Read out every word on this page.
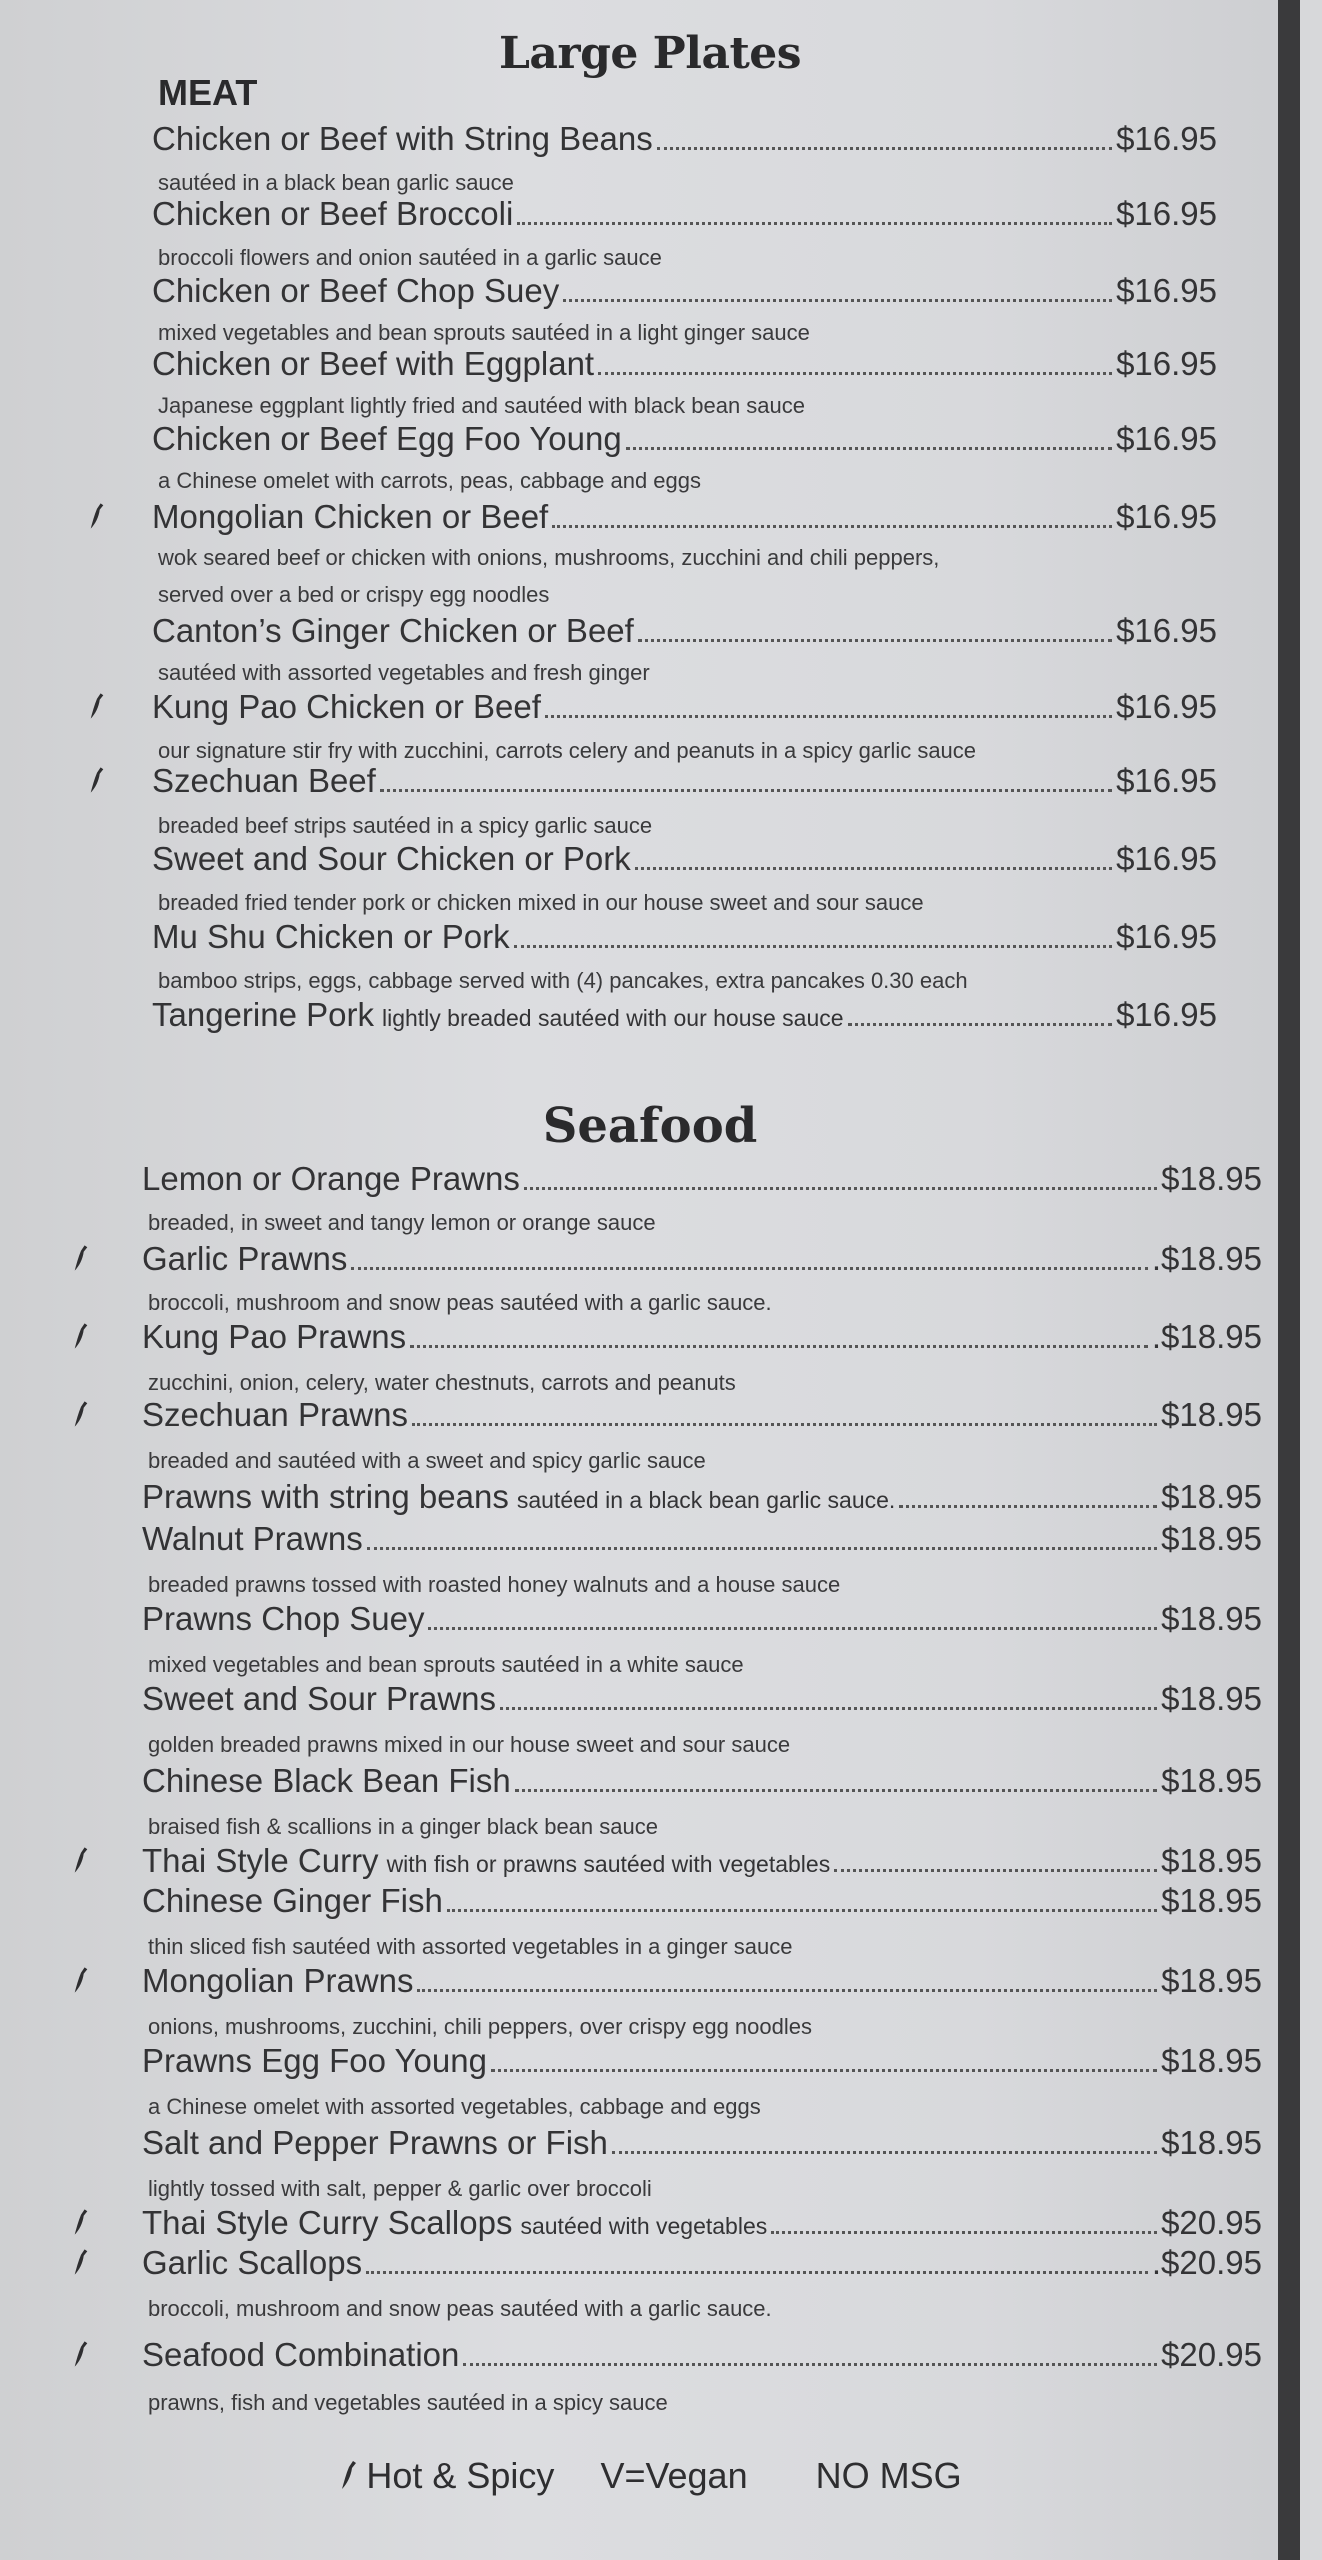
Large Plates
MEAT
Chicken or Beef with String Beans	$16.95
sautéed in a black bean garlic sauce
Chicken or Beef Broccoli	$16.95
broccoli flowers and onion sautéed in a garlic sauce
Chicken or Beef Chop Suey	$16.95
mixed vegetables and bean sprouts sautéed in a light ginger sauce
Chicken or Beef with Eggplant	$16.95
Japanese eggplant lightly fried and sautéed with black bean sauce
Chicken or Beef Egg Foo Young	$16.95
a Chinese omelet with carrots, peas, cabbage and eggs
Mongolian Chicken or Beef	$16.95
wok seared beef or chicken with onions, mushrooms, zucchini and chili peppers,
served over a bed or crispy egg noodles
Canton’s Ginger Chicken or Beef	$16.95
sautéed with assorted vegetables and fresh ginger
Kung Pao Chicken or Beef	$16.95
our signature stir fry with zucchini, carrots celery and peanuts in a spicy garlic sauce
Szechuan Beef	$16.95
breaded beef strips sautéed in a spicy garlic sauce
Sweet and Sour Chicken or Pork	$16.95
breaded fried tender pork or chicken mixed in our house sweet and sour sauce
Mu Shu Chicken or Pork	$16.95
bamboo strips, eggs, cabbage served with (4) pancakes, extra pancakes 0.30 each
Tangerine Pork lightly breaded sautéed with our house sauce	$16.95
Seafood
Lemon or Orange Prawns	$18.95
breaded, in sweet and tangy lemon or orange sauce
Garlic Prawns	.$18.95
broccoli, mushroom and snow peas sautéed with a garlic sauce.
Kung Pao Prawns	.$18.95
zucchini, onion, celery, water chestnuts, carrots and peanuts
Szechuan Prawns	$18.95
breaded and sautéed with a sweet and spicy garlic sauce
Prawns with string beans sautéed in a black bean garlic sauce.	$18.95
Walnut Prawns	$18.95
breaded prawns tossed with roasted honey walnuts and a house sauce
Prawns Chop Suey	$18.95
mixed vegetables and bean sprouts sautéed in a white sauce
Sweet and Sour Prawns	$18.95
golden breaded prawns mixed in our house sweet and sour sauce
Chinese Black Bean Fish	$18.95
braised fish & scallions in a ginger black bean sauce
Thai Style Curry with fish or prawns sautéed with vegetables	$18.95
Chinese Ginger Fish	$18.95
thin sliced fish sautéed with assorted vegetables in a ginger sauce
Mongolian Prawns	$18.95
onions, mushrooms, zucchini, chili peppers, over crispy egg noodles
Prawns Egg Foo Young	$18.95
a Chinese omelet with assorted vegetables, cabbage and eggs
Salt and Pepper Prawns or Fish	$18.95
lightly tossed with salt, pepper & garlic over broccoli
Thai Style Curry Scallops sautéed with vegetables	$20.95
Garlic Scallops	.$20.95
broccoli, mushroom and snow peas sautéed with a garlic sauce.
Seafood Combination	$20.95
prawns, fish and vegetables sautéed in a spicy sauce
Hot & Spicy V=Vegan NO MSG
